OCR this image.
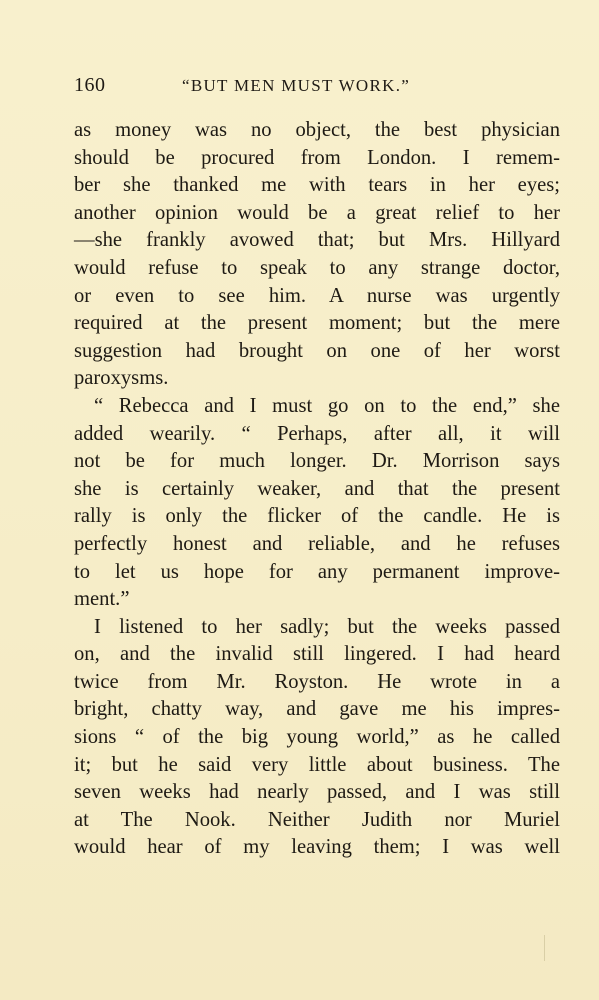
160	“BUT MEN MUST WORK.”
as money was no object, the best physician
should be procured from London. I remem-
ber she thanked me with tears in her eyes;
another opinion would be a great relief to her
—she frankly avowed that; but Mrs. Hillyard
would refuse to speak to any strange doctor,
or even to see him. A nurse was urgently
required at the present moment; but the mere
suggestion had brought on one of her worst
paroxysms.
“ Rebecca and I must go on to the end,” she
added wearily. “ Perhaps, after all, it will
not be for much longer. Dr. Morrison says
she is certainly weaker, and that the present
rally is only the flicker of the candle. He is
perfectly honest and reliable, and he refuses
to let us hope for any permanent improve-
ment.”
I listened to her sadly; but the weeks passed
on, and the invalid still lingered. I had heard
twice from Mr. Royston. He wrote in a
bright, chatty way, and gave me his impres-
sions “ of the big young world,” as he called
it; but he said very little about business. The
seven weeks had nearly passed, and I was still
at The Nook. Neither Judith nor Muriel
would hear of my leaving them; I was well
